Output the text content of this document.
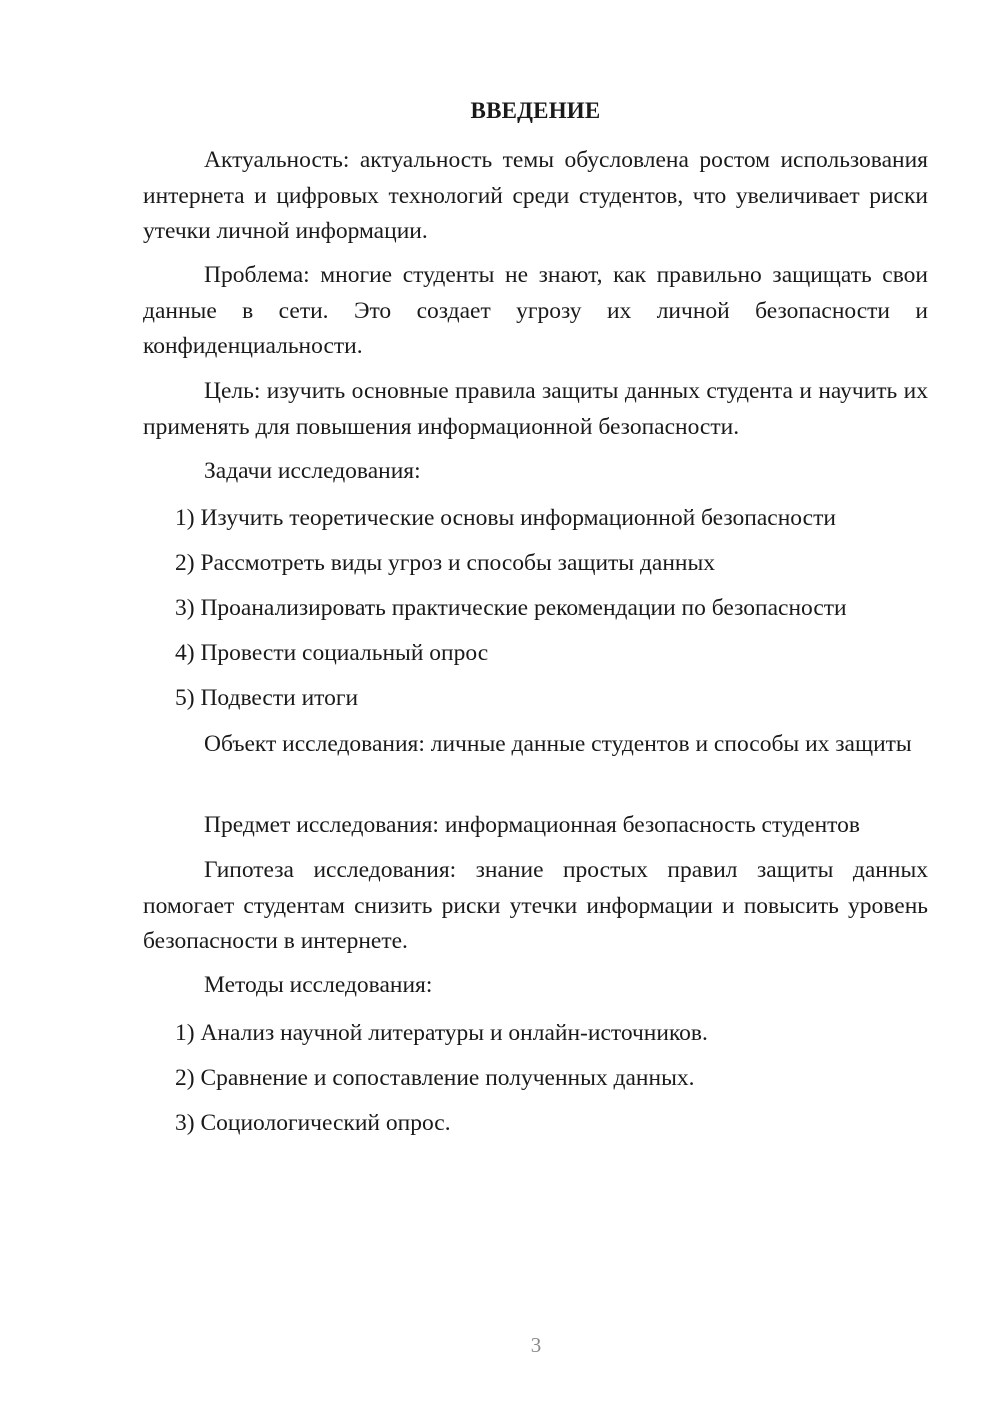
ВВЕДЕНИЕ

Актуальность: актуальность темы обусловлена ростом использования интернета и цифровых технологий среди студентов, что увеличивает риски утечки личной информации.

Проблема: многие студенты не знают, как правильно защищать свои данные в сети. Это создает угрозу их личной безопасности и конфиденциальности.

Цель: изучить основные правила защиты данных студента и научить их применять для повышения информационной безопасности.

Задачи исследования:

1) Изучить теоретические основы информационной безопасности
2) Рассмотреть виды угроз и способы защиты данных
3) Проанализировать практические рекомендации по безопасности
4) Провести социальный опрос
5) Подвести итоги

Объект исследования: личные данные студентов и способы их защиты

Предмет исследования: информационная безопасность студентов

Гипотеза исследования: знание простых правил защиты данных помогает студентам снизить риски утечки информации и повысить уровень безопасности в интернете.

Методы исследования:

1) Анализ научной литературы и онлайн-источников.
2) Сравнение и сопоставление полученных данных.
3) Социологический опрос.
3
